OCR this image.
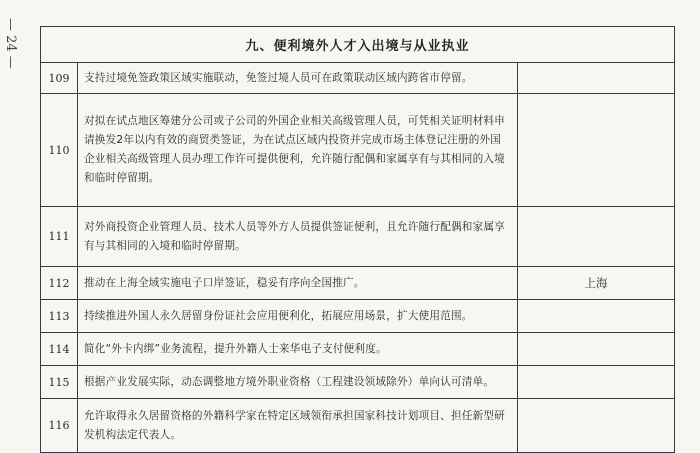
— 24 —	九、便利境外人才入出境与从业执业		
109	支持过境免签政策区域实施联动，免签过境人员可在政策联动区域内跨省市停留。	
110	对拟在试点地区筹建分公司或子公司的外国企业相关高级管理人员，可凭相关证明材料申请换发2年以内有效的商贸类签证，为在试点区域内投资并完成市场主体登记注册的外国企业相关高级管理人员办理工作许可提供便利，允许随行配偶和家属享有与其相同的入境和临时停留期。	
111	对外商投资企业管理人员、技术人员等外方人员提供签证便利，且允许随行配偶和家属享有与其相同的入境和临时停留期。	
112	推动在上海全域实施电子口岸签证，稳妥有序向全国推广。	上海
113	持续推进外国人永久居留身份证社会应用便利化，拓展应用场景，扩大使用范围。	
114	简化“外卡内绑”业务流程，提升外籍人士来华电子支付便利度。	
115	根据产业发展实际，动态调整地方境外职业资格（工程建设领域除外）单向认可清单。	
116	允许取得永久居留资格的外籍科学家在特定区域领衔承担国家科技计划项目、担任新型研发机构法定代表人。	
